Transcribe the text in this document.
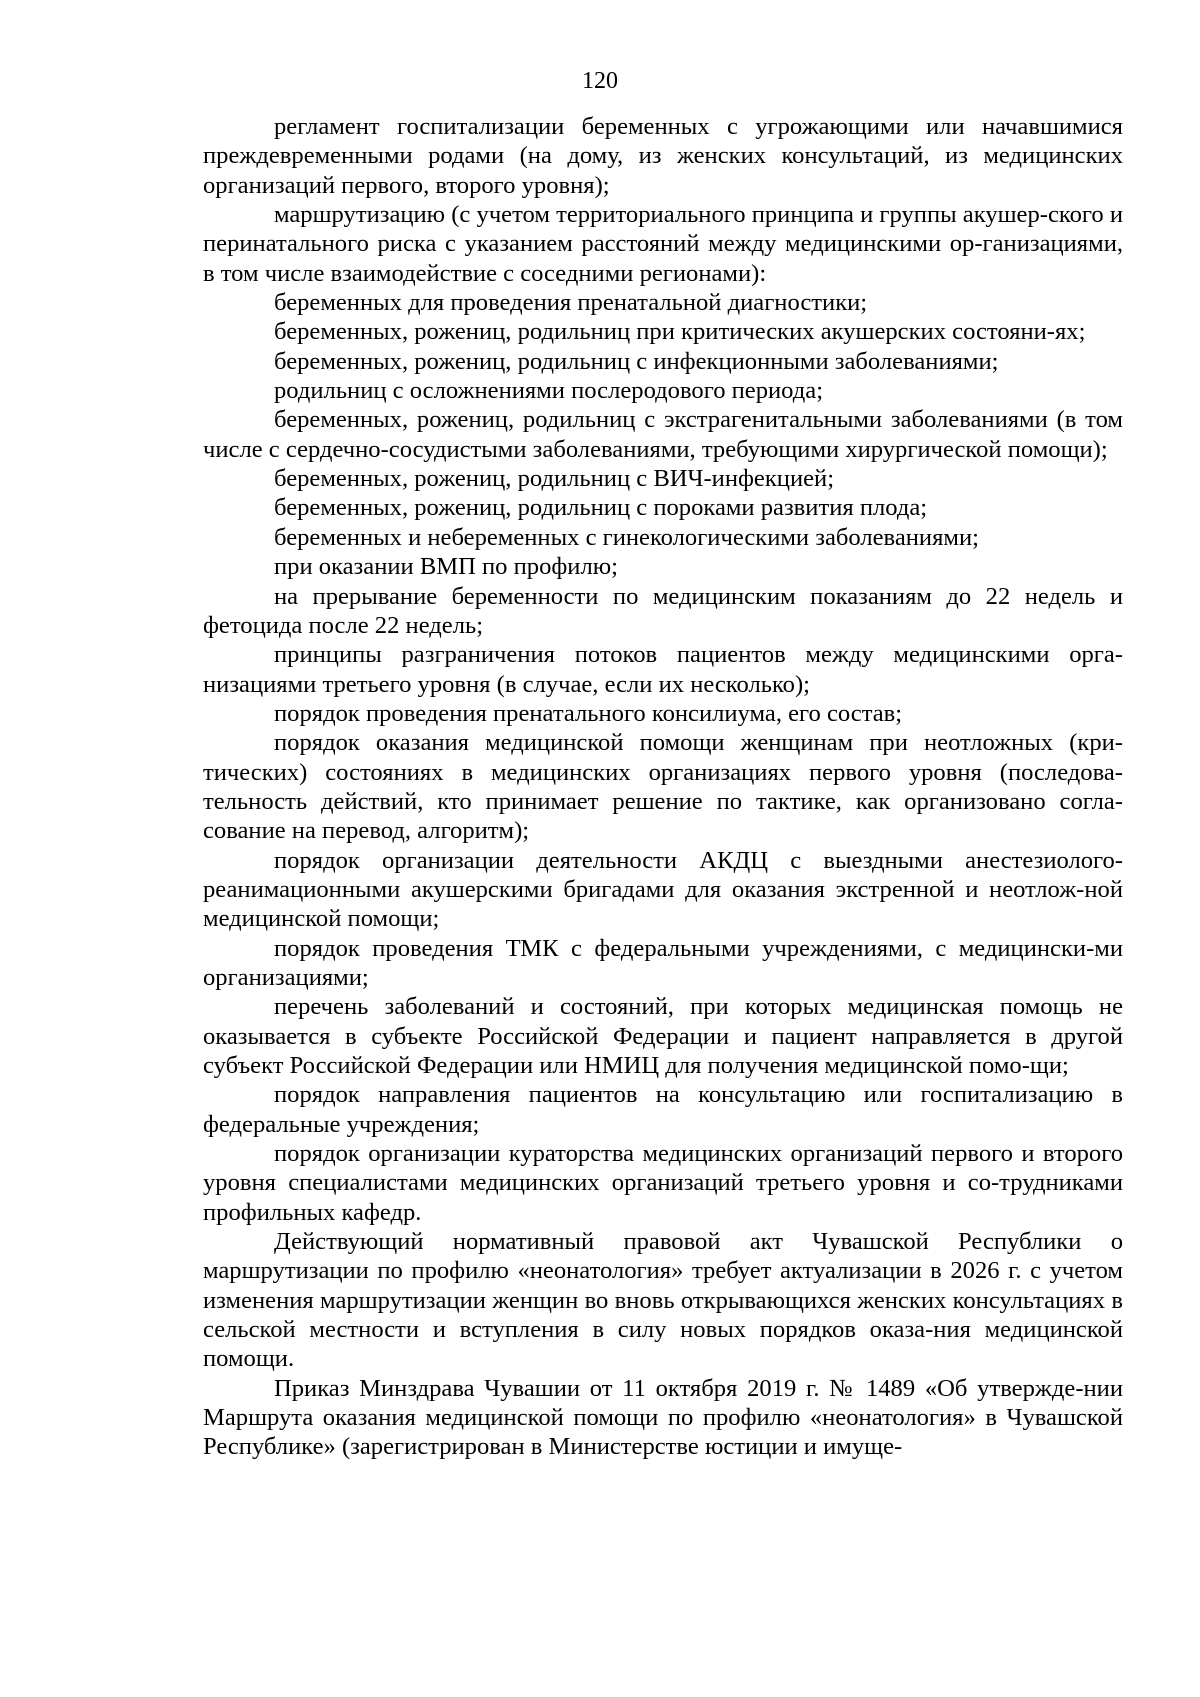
120

регламент госпитализации беременных с угрожающими или начавшимися преждевременными родами (на дому, из женских консультаций, из медицинских организаций первого, второго уровня);

маршрутизацию (с учетом территориального принципа и группы акушер-ского и перинатального риска с указанием расстояний между медицинскими ор-ганизациями, в том числе взаимодействие с соседними регионами):

беременных для проведения пренатальной диагностики;

беременных, рожениц, родильниц при критических акушерских состояни-ях;

беременных, рожениц, родильниц с инфекционными заболеваниями;

родильниц с осложнениями послеродового периода;

беременных, рожениц, родильниц с экстрагенитальными заболеваниями (в том числе с сердечно-сосудистыми заболеваниями, требующими хирургической помощи);

беременных, рожениц, родильниц с ВИЧ-инфекцией;

беременных, рожениц, родильниц с пороками развития плода;

беременных и небеременных с гинекологическими заболеваниями;

при оказании ВМП по профилю;

на прерывание беременности по медицинским показаниям до 22 недель и фетоцида после 22 недель;

принципы разграничения потоков пациентов между медицинскими орга-низациями третьего уровня (в случае, если их несколько);

порядок проведения пренатального консилиума, его состав;

порядок оказания медицинской помощи женщинам при неотложных (кри-тических) состояниях в медицинских организациях первого уровня (последова-тельность действий, кто принимает решение по тактике, как организовано согла-сование на перевод, алгоритм);

порядок организации деятельности АКДЦ с выездными анестезиолого-реанимационными акушерскими бригадами для оказания экстренной и неотлож-ной медицинской помощи;

порядок проведения ТМК с федеральными учреждениями, с медицински-ми организациями;

перечень заболеваний и состояний, при которых медицинская помощь не оказывается в субъекте Российской Федерации и пациент направляется в другой субъект Российской Федерации или НМИЦ для получения медицинской помо-щи;

порядок направления пациентов на консультацию или госпитализацию в федеральные учреждения;

порядок организации кураторства медицинских организаций первого и второго уровня специалистами медицинских организаций третьего уровня и со-трудниками профильных кафедр.

Действующий нормативный правовой акт Чувашской Республики о маршрутизации по профилю «неонатология» требует актуализации в 2026 г. с учетом изменения маршрутизации женщин во вновь открывающихся женских консультациях в сельской местности и вступления в силу новых порядков оказа-ния медицинской помощи.

Приказ Минздрава Чувашии от 11 октября 2019 г. № 1489 «Об утвержде-нии Маршрута оказания медицинской помощи по профилю «неонатология» в Чувашской Республике» (зарегистрирован в Министерстве юстиции и имуще-
